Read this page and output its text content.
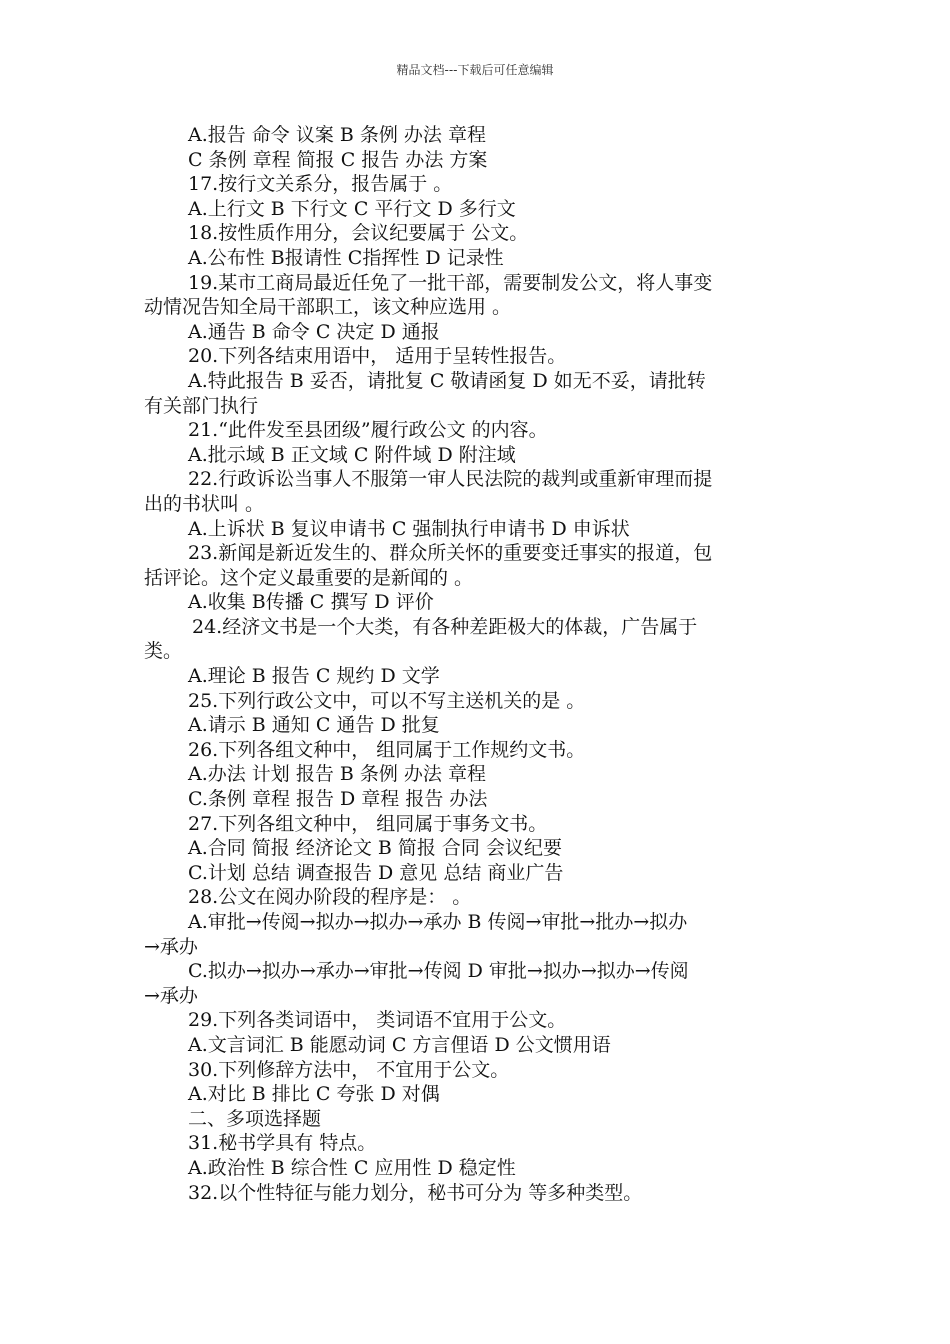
精品文档---下载后可任意编辑
A.报告 命令 议案 B 条例 办法 章程
C 条例 章程 简报 C 报告 办法 方案
17.按行文关系分，报告属于 。
A.上行文 B 下行文 C 平行文 D 多行文
18.按性质作用分，会议纪要属于 公文。
A.公布性 B报请性 C指挥性 D 记录性
19.某市工商局最近任免了一批干部，需要制发公文，将人事变
动情况告知全局干部职工，该文种应选用 。
A.通告 B 命令 C 决定 D 通报
20.下列各结束用语中， 适用于呈转性报告。
A.特此报告 B 妥否，请批复 C 敬请函复 D 如无不妥，请批转
有关部门执行
21.“此件发至县团级”履行政公文 的内容。
A.批示域 B 正文域 C 附件域 D 附注域
22.行政诉讼当事人不服第一审人民法院的裁判或重新审理而提
出的书状叫 。
A.上诉状 B 复议申请书 C 强制执行申请书 D 申诉状
23.新闻是新近发生的、群众所关怀的重要变迁事实的报道，包
括评论。这个定义最重要的是新闻的 。
A.收集 B传播 C 撰写 D 评价
24.经济文书是一个大类，有各种差距极大的体裁，广告属于
类。
A.理论 B 报告 C 规约 D 文学
25.下列行政公文中，可以不写主送机关的是 。
A.请示 B 通知 C 通告 D 批复
26.下列各组文种中， 组同属于工作规约文书。
A.办法 计划 报告 B 条例 办法 章程
C.条例 章程 报告 D 章程 报告 办法
27.下列各组文种中， 组同属于事务文书。
A.合同 简报 经济论文 B 简报 合同 会议纪要
C.计划 总结 调查报告 D 意见 总结 商业广告
28.公文在阅办阶段的程序是： 。
A.审批→传阅→拟办→拟办→承办 B 传阅→审批→批办→拟办
→承办
C.拟办→拟办→承办→审批→传阅 D 审批→拟办→拟办→传阅
→承办
29.下列各类词语中， 类词语不宜用于公文。
A.文言词汇 B 能愿动词 C 方言俚语 D 公文惯用语
30.下列修辞方法中， 不宜用于公文。
A.对比 B 排比 C 夸张 D 对偶
二、多项选择题
31.秘书学具有 特点。
A.政治性 B 综合性 C 应用性 D 稳定性
32.以个性特征与能力划分，秘书可分为 等多种类型。
